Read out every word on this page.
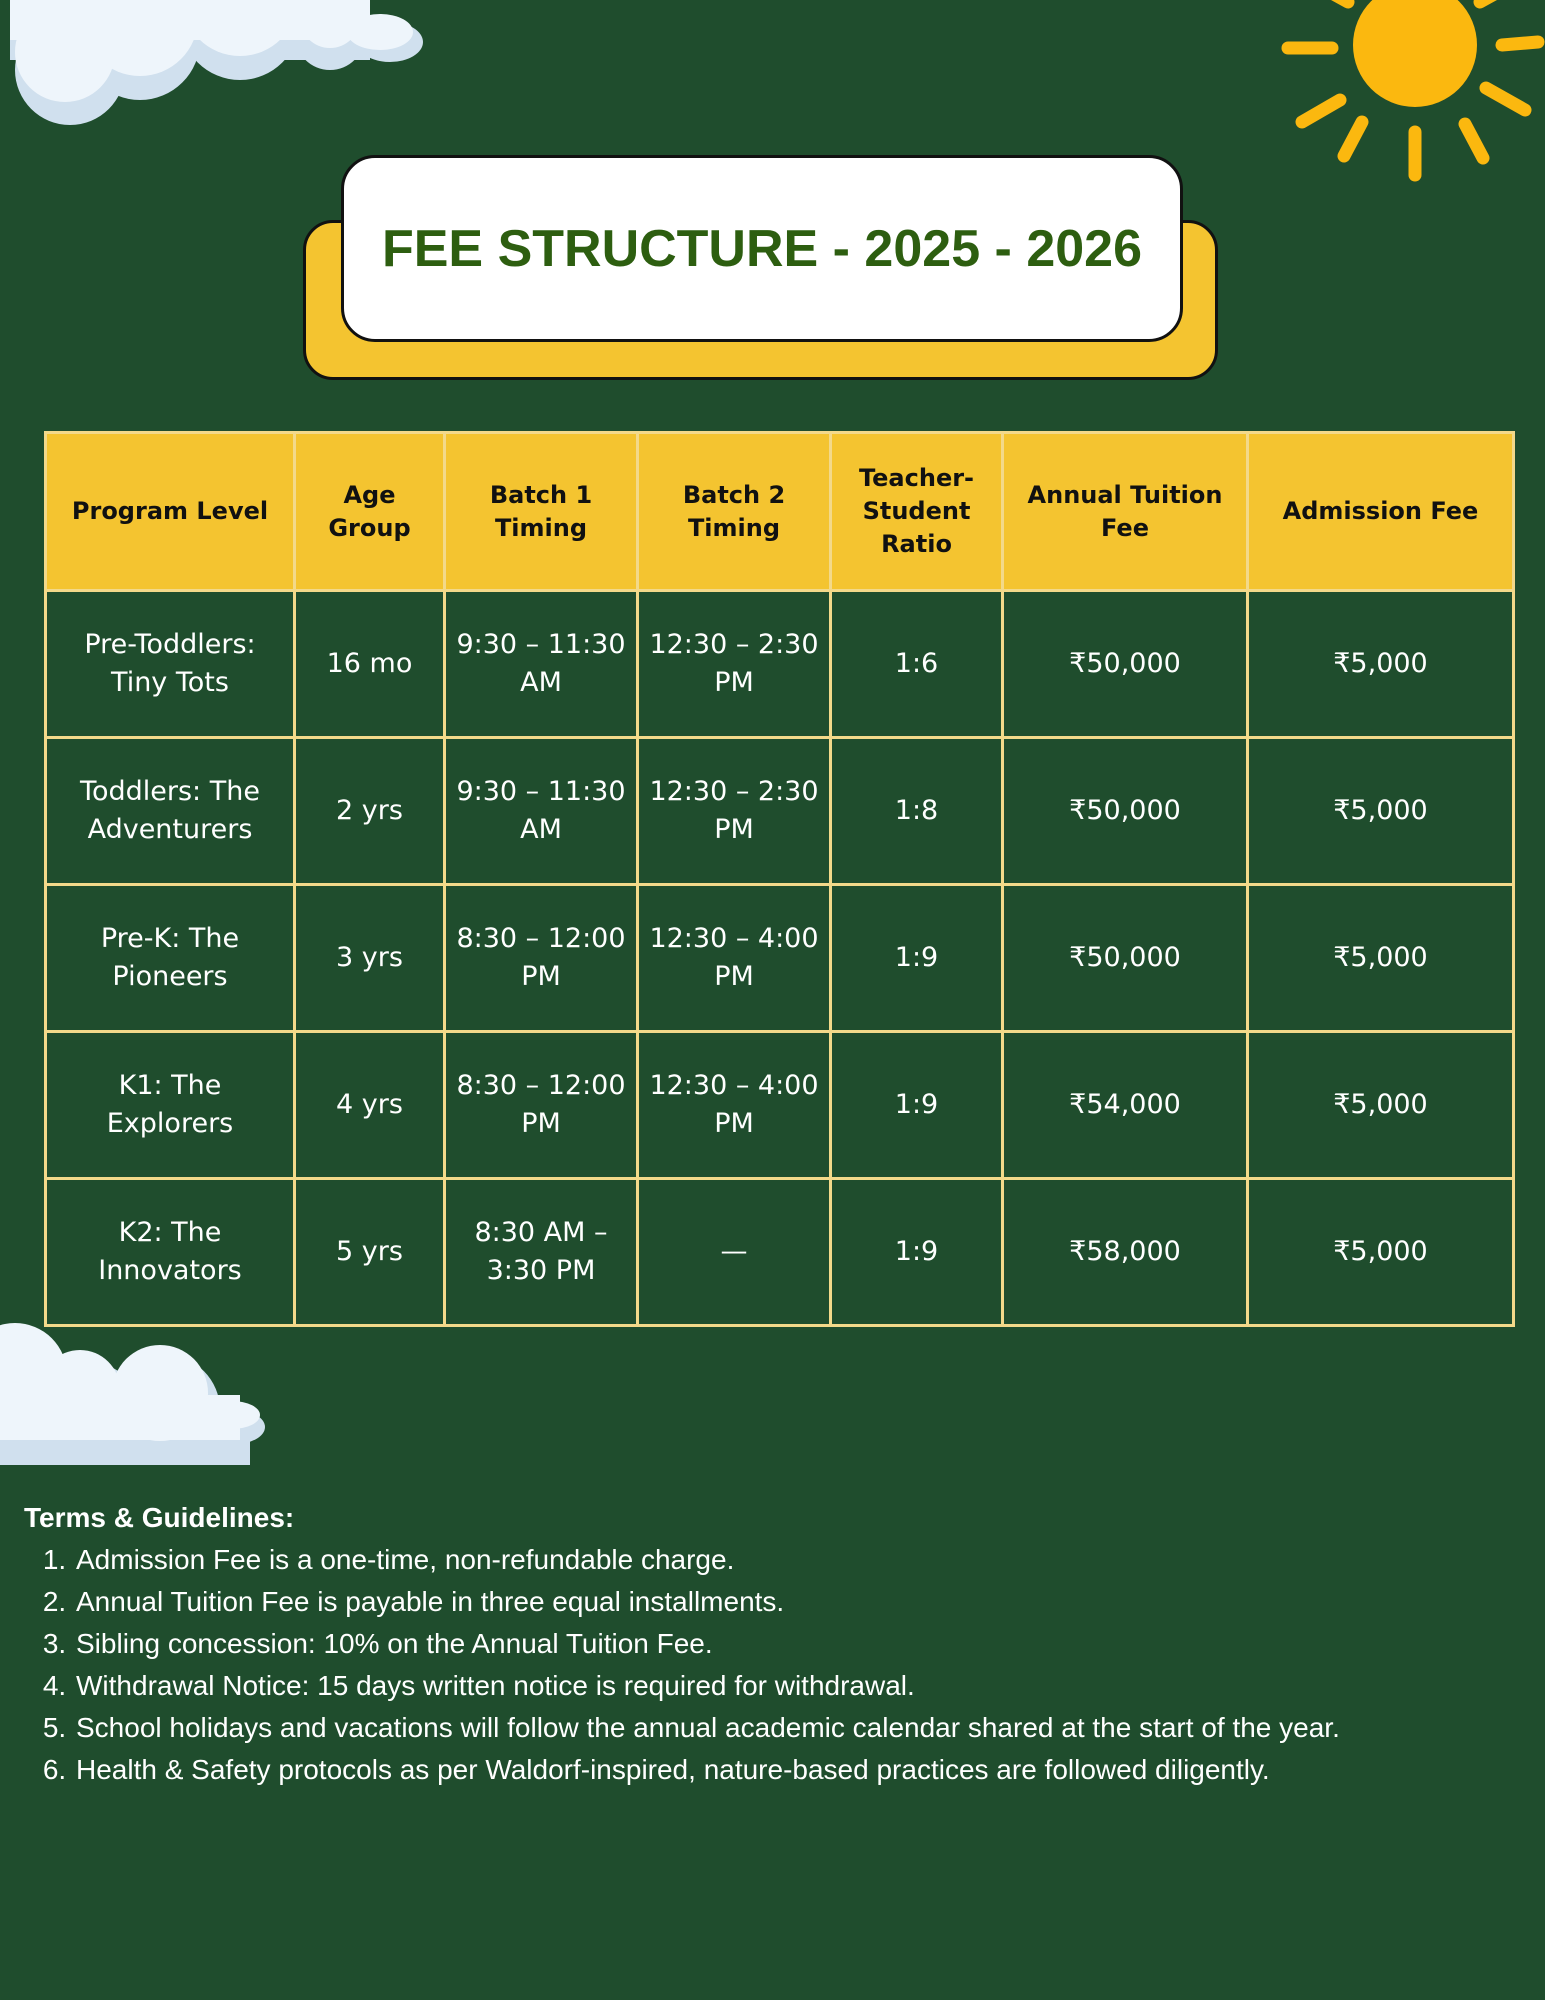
FEE STRUCTURE - 2025 - 2026
Program Level	Age Group	Batch 1 Timing	Batch 2 Timing	Teacher-Student Ratio	Annual Tuition Fee	Admission Fee
Pre-Toddlers: Tiny Tots	16 mo	9:30 – 11:30 AM	12:30 – 2:30 PM	1:6	₹50,000	₹5,000
Toddlers: The Adventurers	2 yrs	9:30 – 11:30 AM	12:30 – 2:30 PM	1:8	₹50,000	₹5,000
Pre-K: The Pioneers	3 yrs	8:30 – 12:00 PM	12:30 – 4:00 PM	1:9	₹50,000	₹5,000
K1: The Explorers	4 yrs	8:30 – 12:00 PM	12:30 – 4:00 PM	1:9	₹54,000	₹5,000
K2: The Innovators	5 yrs	8:30 AM – 3:30 PM	—	1:9	₹58,000	₹5,000
Terms & Guidelines:
1. Admission Fee is a one-time, non-refundable charge.
2. Annual Tuition Fee is payable in three equal installments.
3. Sibling concession: 10% on the Annual Tuition Fee.
4. Withdrawal Notice: 15 days written notice is required for withdrawal.
5. School holidays and vacations will follow the annual academic calendar shared at the start of the year.
6. Health & Safety protocols as per Waldorf-inspired, nature-based practices are followed diligently.
